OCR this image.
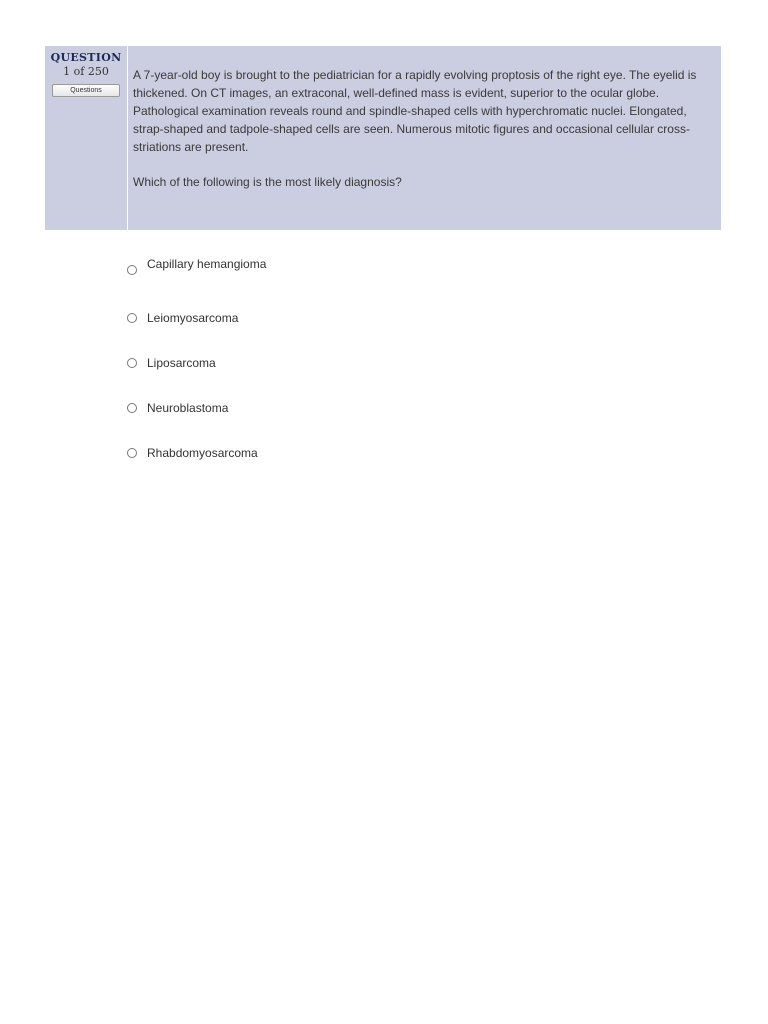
QUESTION
1 of 250
Questions

A 7-year-old boy is brought to the pediatrician for a rapidly evolving proptosis of the right eye. The eyelid is thickened. On CT images, an extraconal, well-defined mass is evident, superior to the ocular globe. Pathological examination reveals round and spindle-shaped cells with hyperchromatic nuclei. Elongated, strap-shaped and tadpole-shaped cells are seen. Numerous mitotic figures and occasional cellular cross-striations are present.

Which of the following is the most likely diagnosis?

Capillary hemangioma
Leiomyosarcoma
Liposarcoma
Neuroblastoma
Rhabdomyosarcoma
